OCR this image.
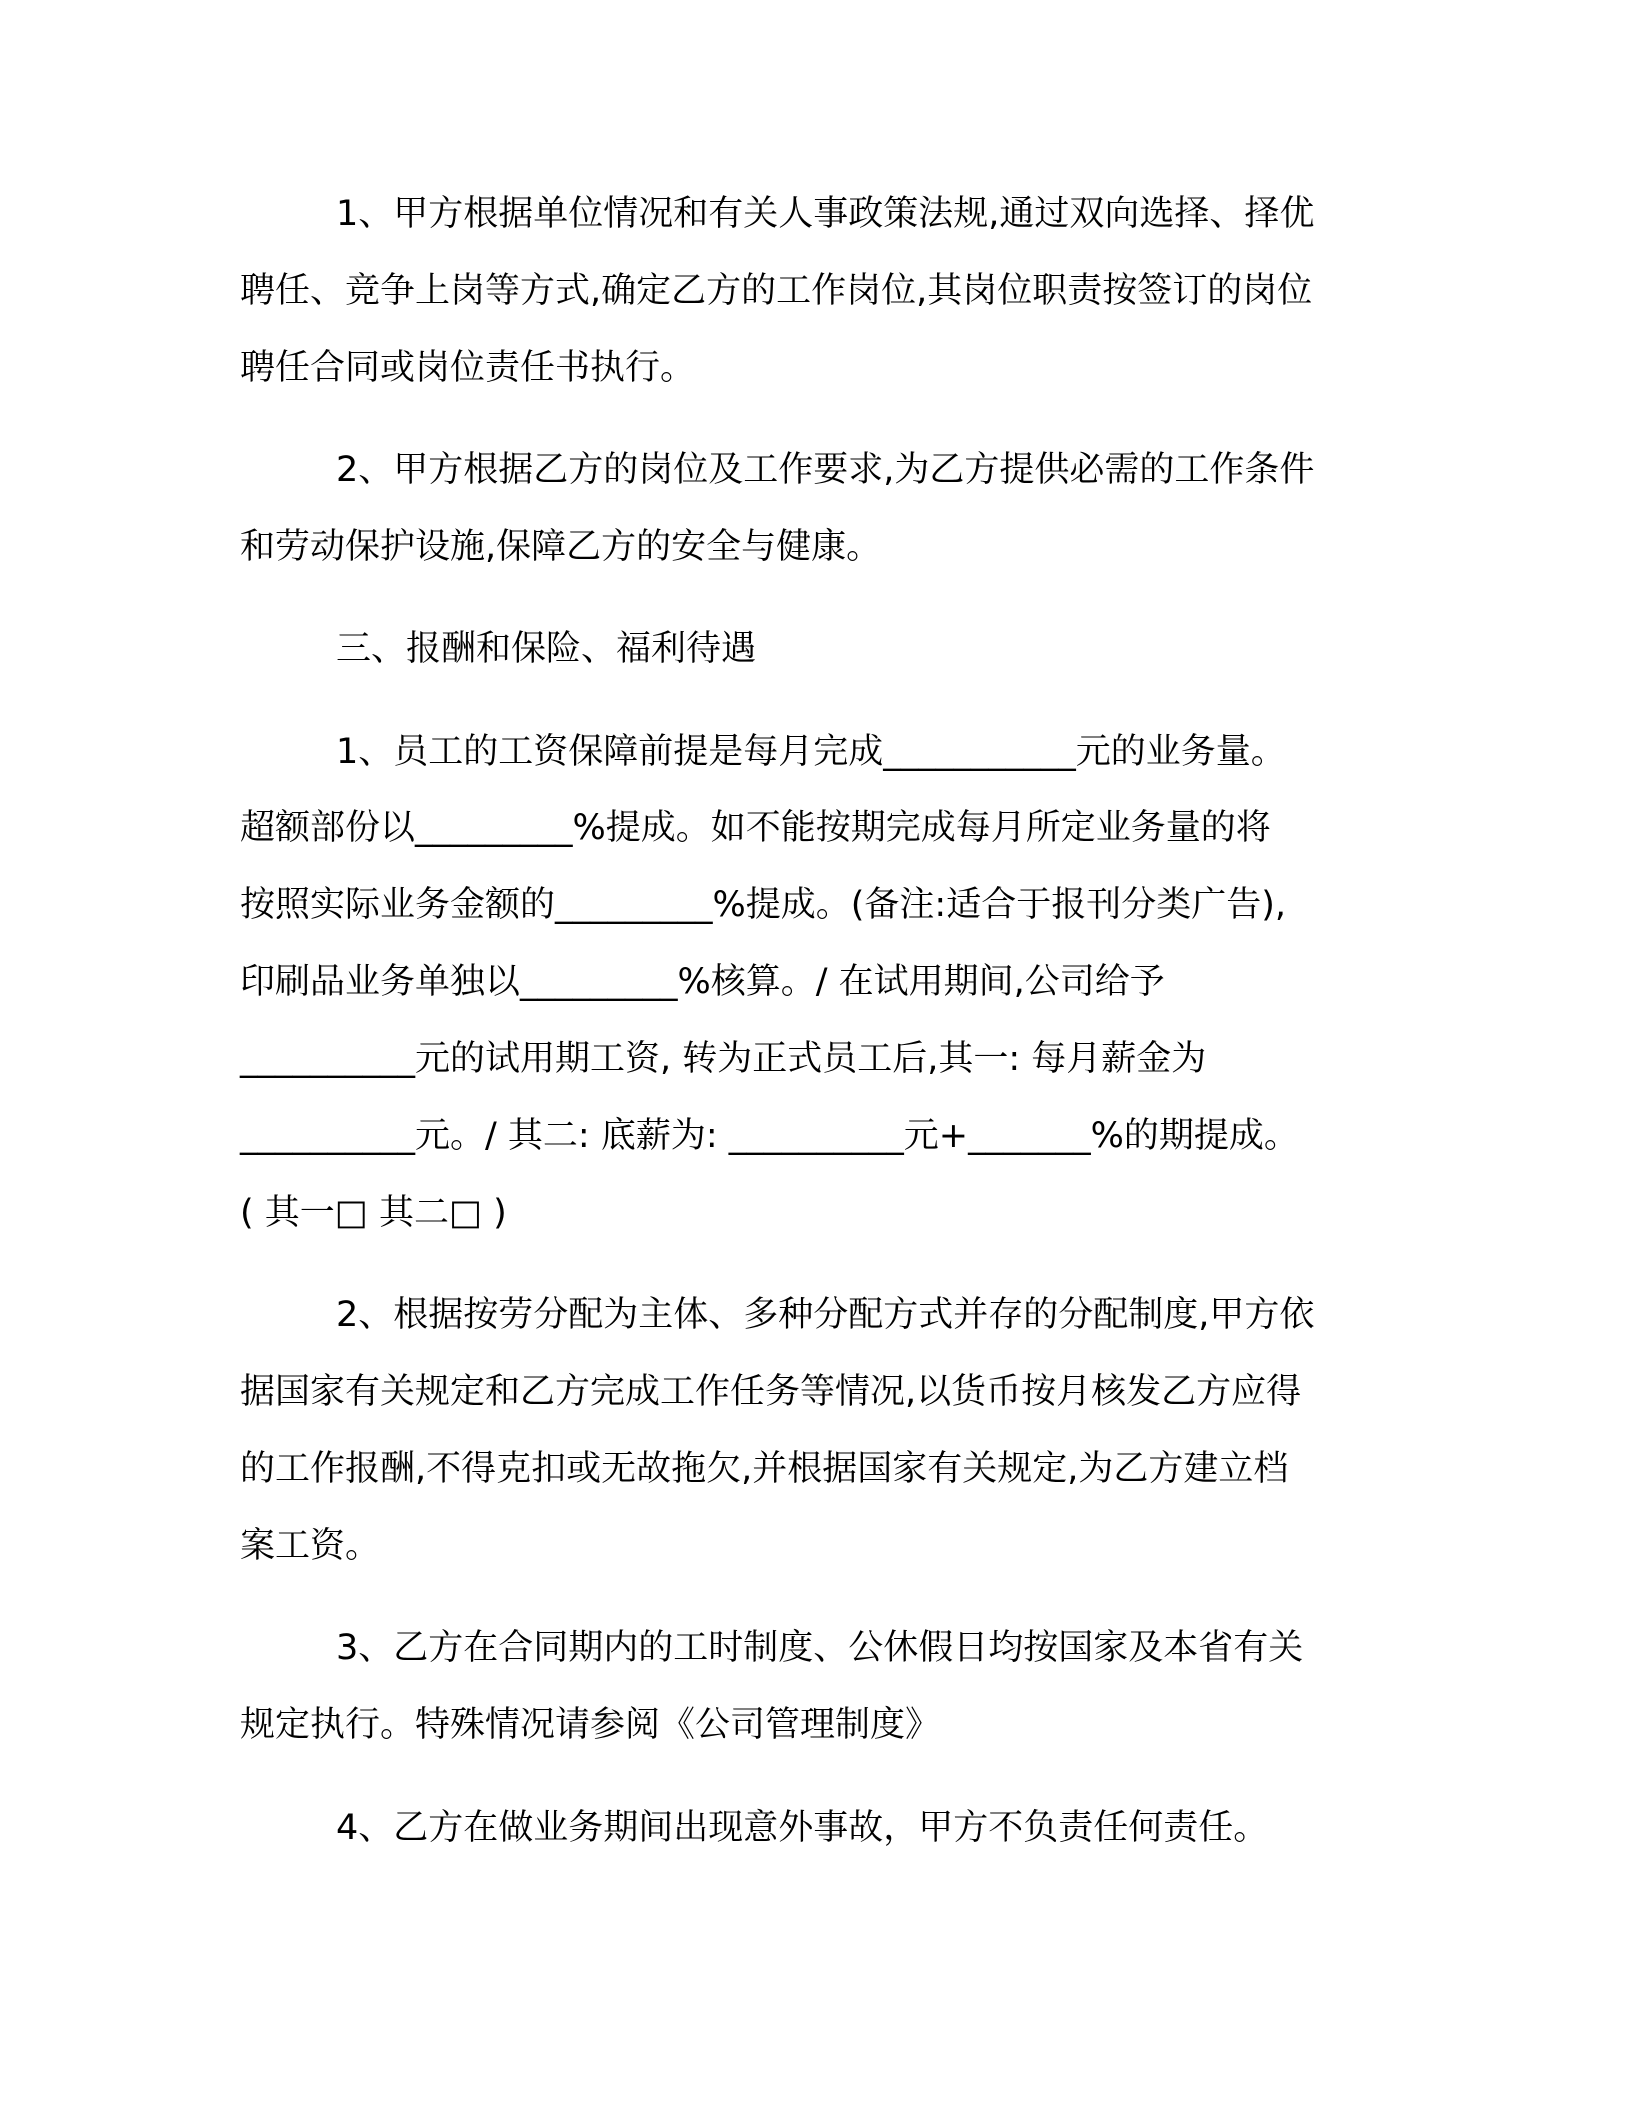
1、甲方根据单位情况和有关人事政策法规,通过双向选择、择优
聘任、竞争上岗等方式,确定乙方的工作岗位,其岗位职责按签订的岗位
聘任合同或岗位责任书执行。
2、甲方根据乙方的岗位及工作要求,为乙方提供必需的工作条件
和劳动保护设施,保障乙方的安全与健康。
三、报酬和保险、福利待遇
1、员工的工资保障前提是每月完成___________元的业务量。
超额部份以_________%提成。如不能按期完成每月所定业务量的将
按照实际业务金额的_________%提成。(备注:适合于报刊分类广告),
印刷品业务单独以_________%核算。/ 在试用期间,公司给予
__________元的试用期工资, 转为正式员工后,其一: 每月薪金为
__________元。/ 其二: 底薪为: __________元+_______%的期提成。
( 其一□ 其二□ )
2、根据按劳分配为主体、多种分配方式并存的分配制度,甲方依
据国家有关规定和乙方完成工作任务等情况,以货币按月核发乙方应得
的工作报酬,不得克扣或无故拖欠,并根据国家有关规定,为乙方建立档
案工资。
3、乙方在合同期内的工时制度、公休假日均按国家及本省有关
规定执行。特殊情况请参阅《公司管理制度》
4、乙方在做业务期间出现意外事故，甲方不负责任何责任。
